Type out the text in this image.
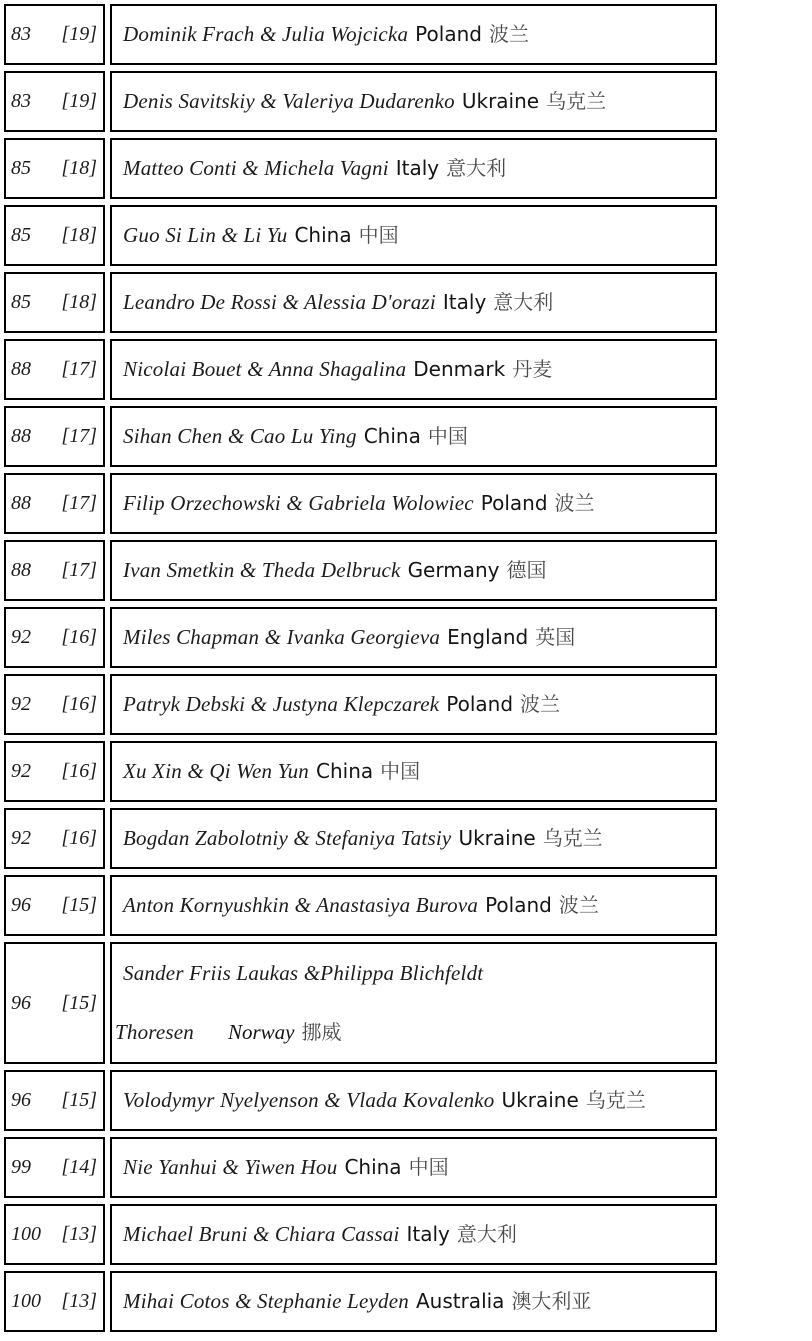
83 [19] Dominik Frach & Julia Wojcicka Poland 波兰
83 [19] Denis Savitskiy & Valeriya Dudarenko Ukraine 乌克兰
85 [18] Matteo Conti & Michela Vagni Italy 意大利
85 [18] Guo Si Lin & Li Yu China 中国
85 [18] Leandro De Rossi & Alessia D'orazi Italy 意大利
88 [17] Nicolai Bouet & Anna Shagalina Denmark 丹麦
88 [17] Sihan Chen & Cao Lu Ying China 中国
88 [17] Filip Orzechowski & Gabriela Wolowiec Poland 波兰
88 [17] Ivan Smetkin & Theda Delbruck Germany 德国
92 [16] Miles Chapman & Ivanka Georgieva England 英国
92 [16] Patryk Debski & Justyna Klepczarek Poland 波兰
92 [16] Xu Xin & Qi Wen Yun China 中国
92 [16] Bogdan Zabolotniy & Stefaniya Tatsiy Ukraine 乌克兰
96 [15] Anton Kornyushkin & Anastasiya Burova Poland 波兰
96 [15]
Sander Friis Laukas &Philippa Blichfeldt
Thoresen Norway 挪威
96 [15] Volodymyr Nyelyenson & Vlada Kovalenko Ukraine 乌克兰
99 [14] Nie Yanhui & Yiwen Hou China 中国
100 [13] Michael Bruni & Chiara Cassai Italy 意大利
100 [13] Mihai Cotos & Stephanie Leyden Australia 澳大利亚
